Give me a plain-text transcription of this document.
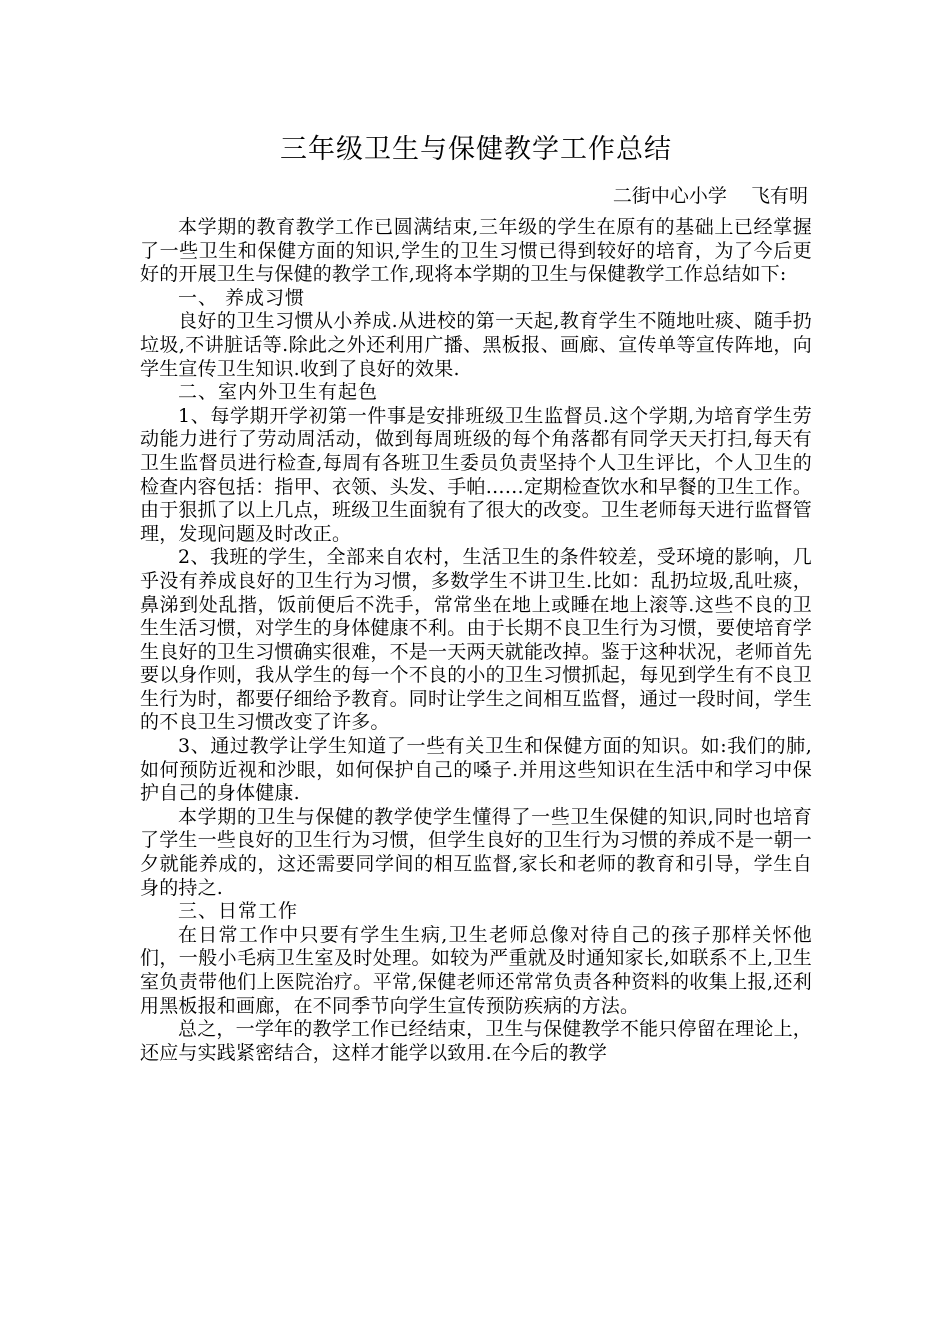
三年级卫生与保健教学工作总结
二街中心小学    飞有明

本学期的教育教学工作已圆满结束,三年级的学生在原有的基础上已经掌握了一些卫生和保健方面的知识,学生的卫生习惯已得到较好的培育，为了今后更好的开展卫生与保健的教学工作,现将本学期的卫生与保健教学工作总结如下:

一、 养成习惯

良好的卫生习惯从小养成.从进校的第一天起,教育学生不随地吐痰、随手扔垃圾,不讲脏话等.除此之外还利用广播、黑板报、画廊、宣传单等宣传阵地，向学生宣传卫生知识.收到了良好的效果.

二、室内外卫生有起色

1、每学期开学初第一件事是安排班级卫生监督员.这个学期,为培育学生劳动能力进行了劳动周活动，做到每周班级的每个角落都有同学天天打扫,每天有卫生监督员进行检查,每周有各班卫生委员负责坚持个人卫生评比，个人卫生的检查内容包括：指甲、衣领、头发、手帕……定期检查饮水和早餐的卫生工作。由于狠抓了以上几点，班级卫生面貌有了很大的改变。卫生老师每天进行监督管理，发现问题及时改正。

2、我班的学生，全部来自农村，生活卫生的条件较差，受环境的影响，几乎没有养成良好的卫生行为习惯，多数学生不讲卫生.比如：乱扔垃圾,乱吐痰，鼻涕到处乱揩，饭前便后不洗手，常常坐在地上或睡在地上滚等.这些不良的卫生生活习惯，对学生的身体健康不利。由于长期不良卫生行为习惯，要使培育学生良好的卫生习惯确实很难，不是一天两天就能改掉。鉴于这种状况，老师首先要以身作则，我从学生的每一个不良的小的卫生习惯抓起，每见到学生有不良卫生行为时，都要仔细给予教育。同时让学生之间相互监督，通过一段时间，学生的不良卫生习惯改变了许多。

3、通过教学让学生知道了一些有关卫生和保健方面的知识。如:我们的肺,如何预防近视和沙眼，如何保护自己的嗓子.并用这些知识在生活中和学习中保护自己的身体健康.

本学期的卫生与保健的教学使学生懂得了一些卫生保健的知识,同时也培育了学生一些良好的卫生行为习惯，但学生良好的卫生行为习惯的养成不是一朝一夕就能养成的，这还需要同学间的相互监督,家长和老师的教育和引导，学生自身的持之.

三、日常工作

在日常工作中只要有学生生病,卫生老师总像对待自己的孩子那样关怀他们，一般小毛病卫生室及时处理。如较为严重就及时通知家长,如联系不上,卫生室负责带他们上医院治疗。平常,保健老师还常常负责各种资料的收集上报,还利用黑板报和画廊，在不同季节向学生宣传预防疾病的方法。

总之，一学年的教学工作已经结束，卫生与保健教学不能只停留在理论上，还应与实践紧密结合，这样才能学以致用.在今后的教学
